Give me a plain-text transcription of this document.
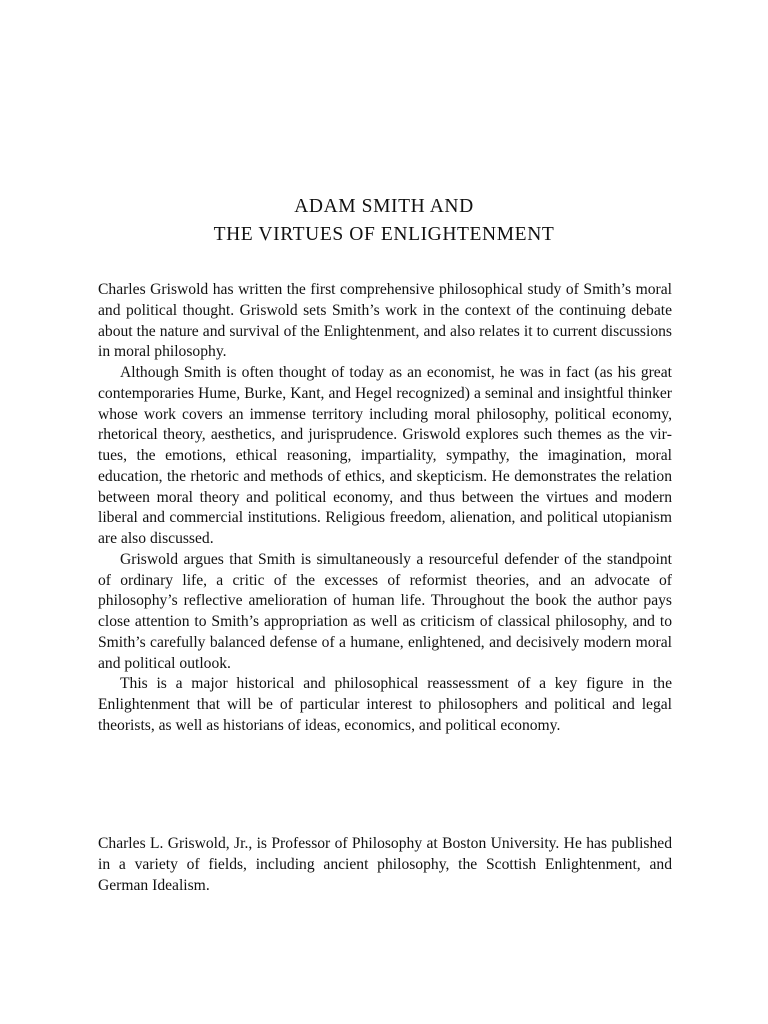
ADAM SMITH AND
THE VIRTUES OF ENLIGHTENMENT

Charles Griswold has written the first comprehensive philosophical study of Smith’s moral and political thought. Griswold sets Smith’s work in the context of the continuing debate about the nature and survival of the Enlightenment, and also relates it to current discussions in moral philosophy.

Although Smith is often thought of today as an economist, he was in fact (as his great contemporaries Hume, Burke, Kant, and Hegel recognized) a seminal and insightful thinker whose work covers an immense territory including moral philosophy, political economy, rhetorical theory, aesthetics, and jurisprudence. Griswold explores such themes as the virtues, the emotions, ethical reasoning, impartiality, sympathy, the imagination, moral education, the rhetoric and methods of ethics, and skepticism. He demonstrates the relation between moral theory and political economy, and thus between the virtues and modern liberal and commercial institutions. Religious freedom, alienation, and political utopianism are also discussed.

Griswold argues that Smith is simultaneously a resourceful defender of the standpoint of ordinary life, a critic of the excesses of reformist theories, and an advocate of philosophy’s reflective amelioration of human life. Throughout the book the author pays close attention to Smith’s appropriation as well as criticism of classical philosophy, and to Smith’s carefully balanced defense of a humane, enlightened, and decisively modern moral and political outlook.

This is a major historical and philosophical reassessment of a key figure in the Enlightenment that will be of particular interest to philosophers and political and legal theorists, as well as historians of ideas, economics, and political economy.

Charles L. Griswold, Jr., is Professor of Philosophy at Boston University. He has published in a variety of fields, including ancient philosophy, the Scottish Enlightenment, and German Idealism.
